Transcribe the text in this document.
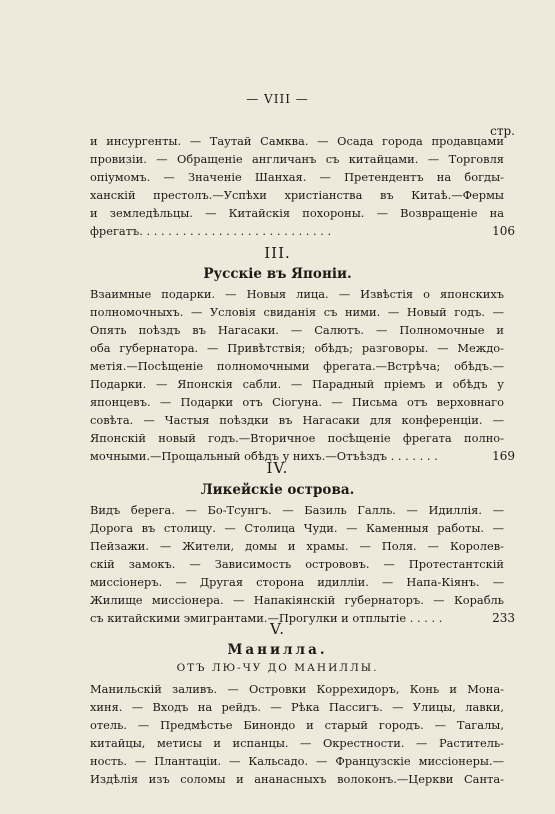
— VIII —
стр.
и инсургенты. — Таутай Самква. — Осада города продавцами
провизіи. — Обращеніе англичанъ съ китайцами. — Торговля
опіумомъ. — Значеніе Шанхая. — Претендентъ на богды-
ханскій престолъ.—Успѣхи христіанства въ Китаѣ.—Фермы
и земледѣльцы. — Китайскія похороны. — Возвращеніе на
фрегатъ. . . . . . . . . . . . . . . . . . . . . . . . . . .	106
III.
Русскіе въ Японіи.
Взаимные подарки. — Новыя лица. — Извѣстія о японскихъ
полномочныхъ. — Условія свиданія съ ними. — Новый годъ. —
Опять поѣздъ въ Нагасаки. — Салютъ. — Полномочные и
оба губернатора. — Привѣтствія; обѣдъ; разговоры. — Междо-
метія.—Посѣщеніе полномочными фрегата.—Встрѣча; обѣдъ.—
Подарки. — Японскія сабли. — Парадный пріемъ и обѣдъ у
японцевъ. — Подарки отъ Сіогуна. — Письма отъ верховнаго
совѣта. — Частыя поѣздки въ Нагасаки для конференціи. —
Японскій новый годъ.—Вторичное посѣщеніе фрегата полно-
мочными.—Прощальный обѣдъ у нихъ.—Отъѣздъ . . . . . . .	169
IV.
Ликейскіе острова.
Видъ берега. — Бо-Тсунгъ. — Базиль Галль. — Идиллія. —
Дорога въ столицу. — Столица Чуди. — Каменныя работы. —
Пейзажи. — Жители, домы и храмы. — Поля. — Королев-
скій замокъ. — Зависимость острововъ. — Протестантскій
миссіонеръ. — Другая сторона идилліи. — Напа-Кіянъ. —
Жилище миссіонера. — Напакіянскій губернаторъ. — Корабль
съ китайскими эмигрантами.—Прогулки и отплытіе . . . . .	233
V.
Манилла.
ОТЪ ЛЮ-ЧУ ДО МАНИЛЛЫ.
Манильскій заливъ. — Островки Коррехидоръ, Конь и Мона-
хиня. — Входъ на рейдъ. — Рѣка Пассигъ. — Улицы, лавки,
отель. — Предмѣстье Бинондо и старый городъ. — Тагалы,
китайцы, метисы и испанцы. — Окрестности. — Раститель-
ность. — Плантаціи. — Кальсадо. — Французскіе миссіонеры.—
Издѣлія изъ соломы и ананасныхъ волоконъ.—Церкви Санта-
